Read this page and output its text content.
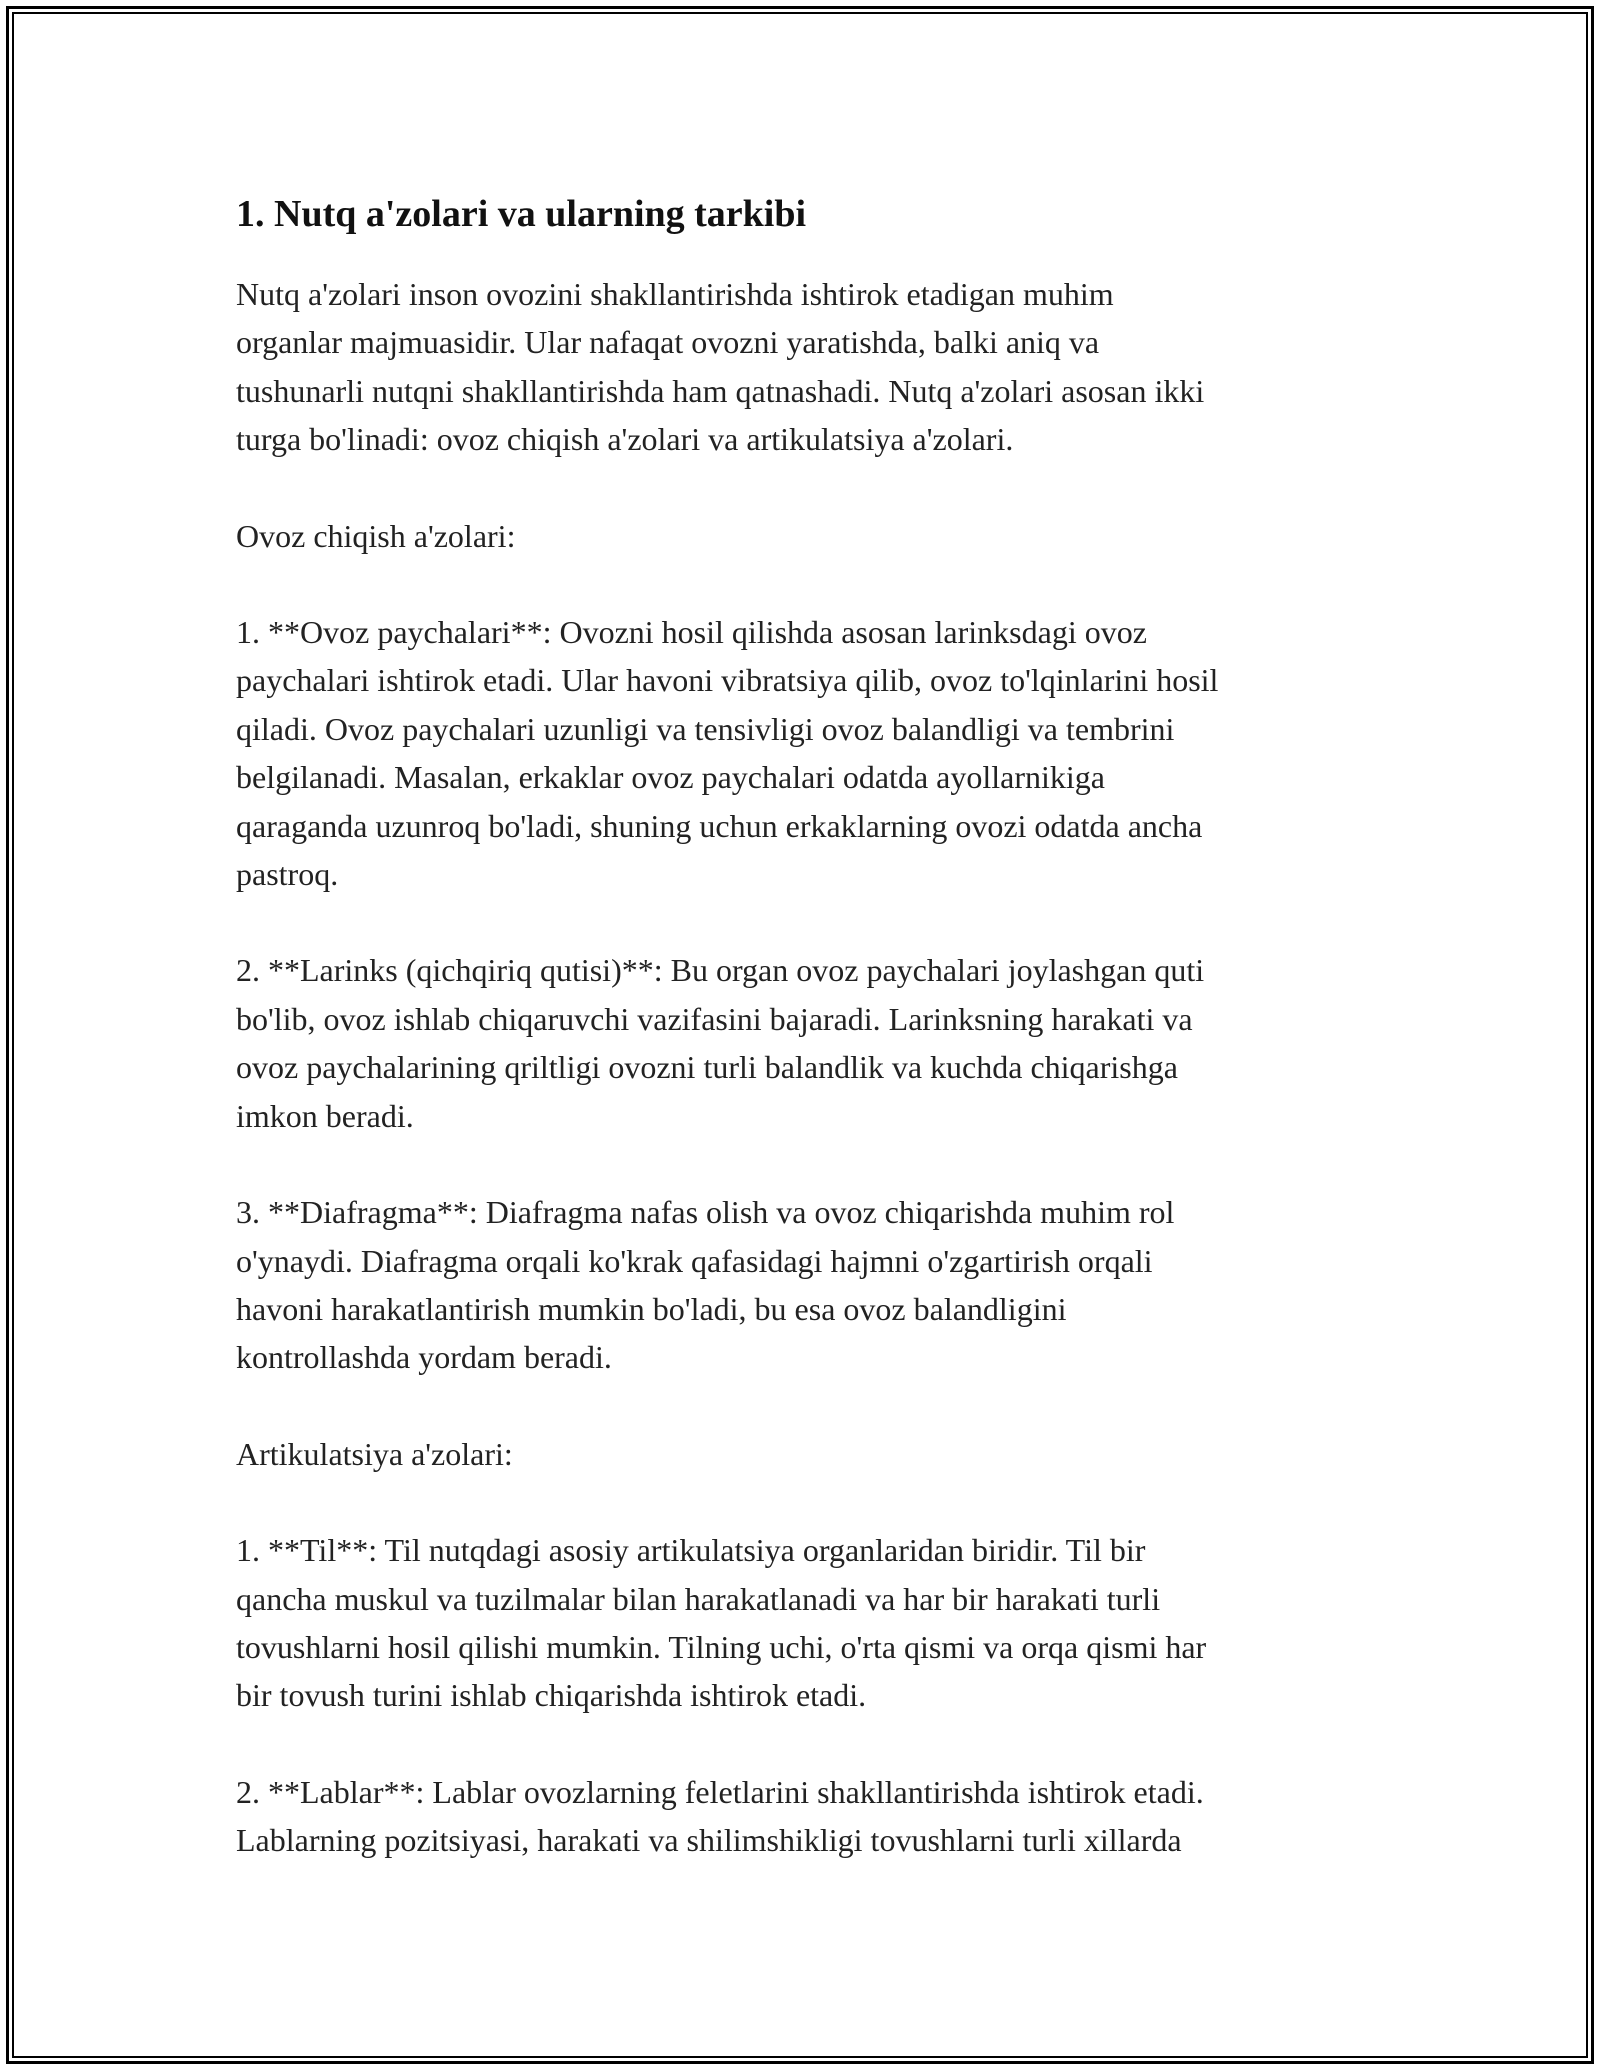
1. Nutq a'zolari va ularning tarkibi

Nutq a'zolari inson ovozini shakllantirishda ishtirok etadigan muhim
organlar majmuasidir. Ular nafaqat ovozni yaratishda, balki aniq va
tushunarli nutqni shakllantirishda ham qatnashadi. Nutq a'zolari asosan ikki
turga bo'linadi: ovoz chiqish a'zolari va artikulatsiya a'zolari.

Ovoz chiqish a'zolari:

1. **Ovoz paychalari**: Ovozni hosil qilishda asosan larinksdagi ovoz
paychalari ishtirok etadi. Ular havoni vibratsiya qilib, ovoz to'lqinlarini hosil
qiladi. Ovoz paychalari uzunligi va tensivligi ovoz balandligi va tembrini
belgilanadi. Masalan, erkaklar ovoz paychalari odatda ayollarnikiga
qaraganda uzunroq bo'ladi, shuning uchun erkaklarning ovozi odatda ancha
pastroq.

2. **Larinks (qichqiriq qutisi)**: Bu organ ovoz paychalari joylashgan quti
bo'lib, ovoz ishlab chiqaruvchi vazifasini bajaradi. Larinksning harakati va
ovoz paychalarining qriltligi ovozni turli balandlik va kuchda chiqarishga
imkon beradi.

3. **Diafragma**: Diafragma nafas olish va ovoz chiqarishda muhim rol
o'ynaydi. Diafragma orqali ko'krak qafasidagi hajmni o'zgartirish orqali
havoni harakatlantirish mumkin bo'ladi, bu esa ovoz balandligini
kontrollashda yordam beradi.

Artikulatsiya a'zolari:

1. **Til**: Til nutqdagi asosiy artikulatsiya organlaridan biridir. Til bir
qancha muskul va tuzilmalar bilan harakatlanadi va har bir harakati turli
tovushlarni hosil qilishi mumkin. Tilning uchi, o'rta qismi va orqa qismi har
bir tovush turini ishlab chiqarishda ishtirok etadi.

2. **Lablar**: Lablar ovozlarning feletlarini shakllantirishda ishtirok etadi.
Lablarning pozitsiyasi, harakati va shilimshikligi tovushlarni turli xillarda
